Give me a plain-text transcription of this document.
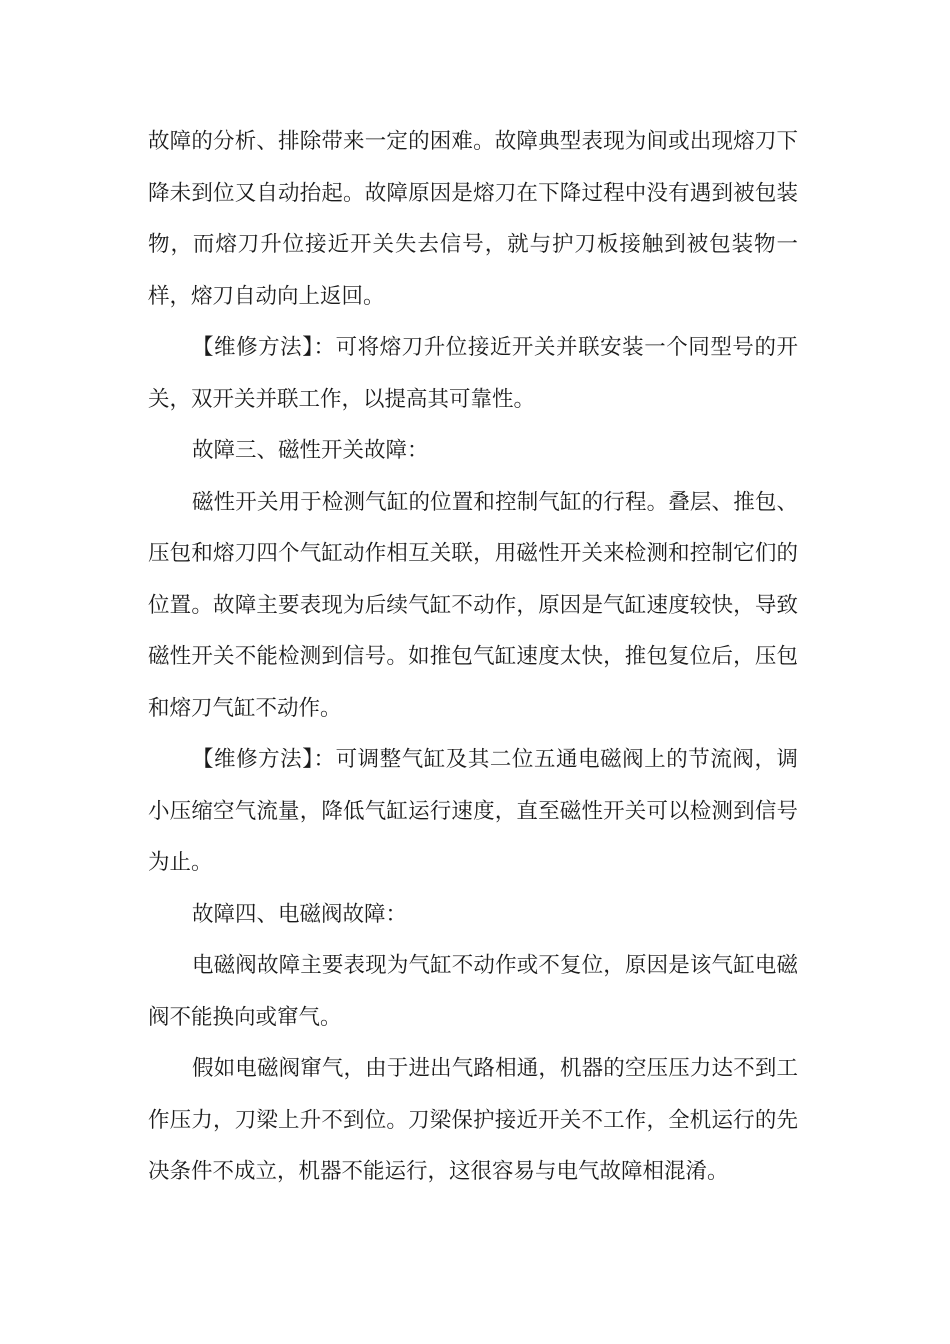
故障的分析、排除带来一定的困难。故障典型表现为间或出现熔刀下降未到位又自动抬起。故障原因是熔刀在下降过程中没有遇到被包装物，而熔刀升位接近开关失去信号，就与护刀板接触到被包装物一样，熔刀自动向上返回。

【维修方法】：可将熔刀升位接近开关并联安装一个同型号的开关，双开关并联工作，以提高其可靠性。

故障三、磁性开关故障：

磁性开关用于检测气缸的位置和控制气缸的行程。叠层、推包、压包和熔刀四个气缸动作相互关联，用磁性开关来检测和控制它们的位置。故障主要表现为后续气缸不动作，原因是气缸速度较快，导致磁性开关不能检测到信号。如推包气缸速度太快，推包复位后，压包和熔刀气缸不动作。

【维修方法】：可调整气缸及其二位五通电磁阀上的节流阀，调小压缩空气流量，降低气缸运行速度，直至磁性开关可以检测到信号为止。

故障四、电磁阀故障：

电磁阀故障主要表现为气缸不动作或不复位，原因是该气缸电磁阀不能换向或窜气。

假如电磁阀窜气，由于进出气路相通，机器的空压压力达不到工作压力，刀梁上升不到位。刀梁保护接近开关不工作，全机运行的先决条件不成立，机器不能运行，这很容易与电气故障相混淆。
